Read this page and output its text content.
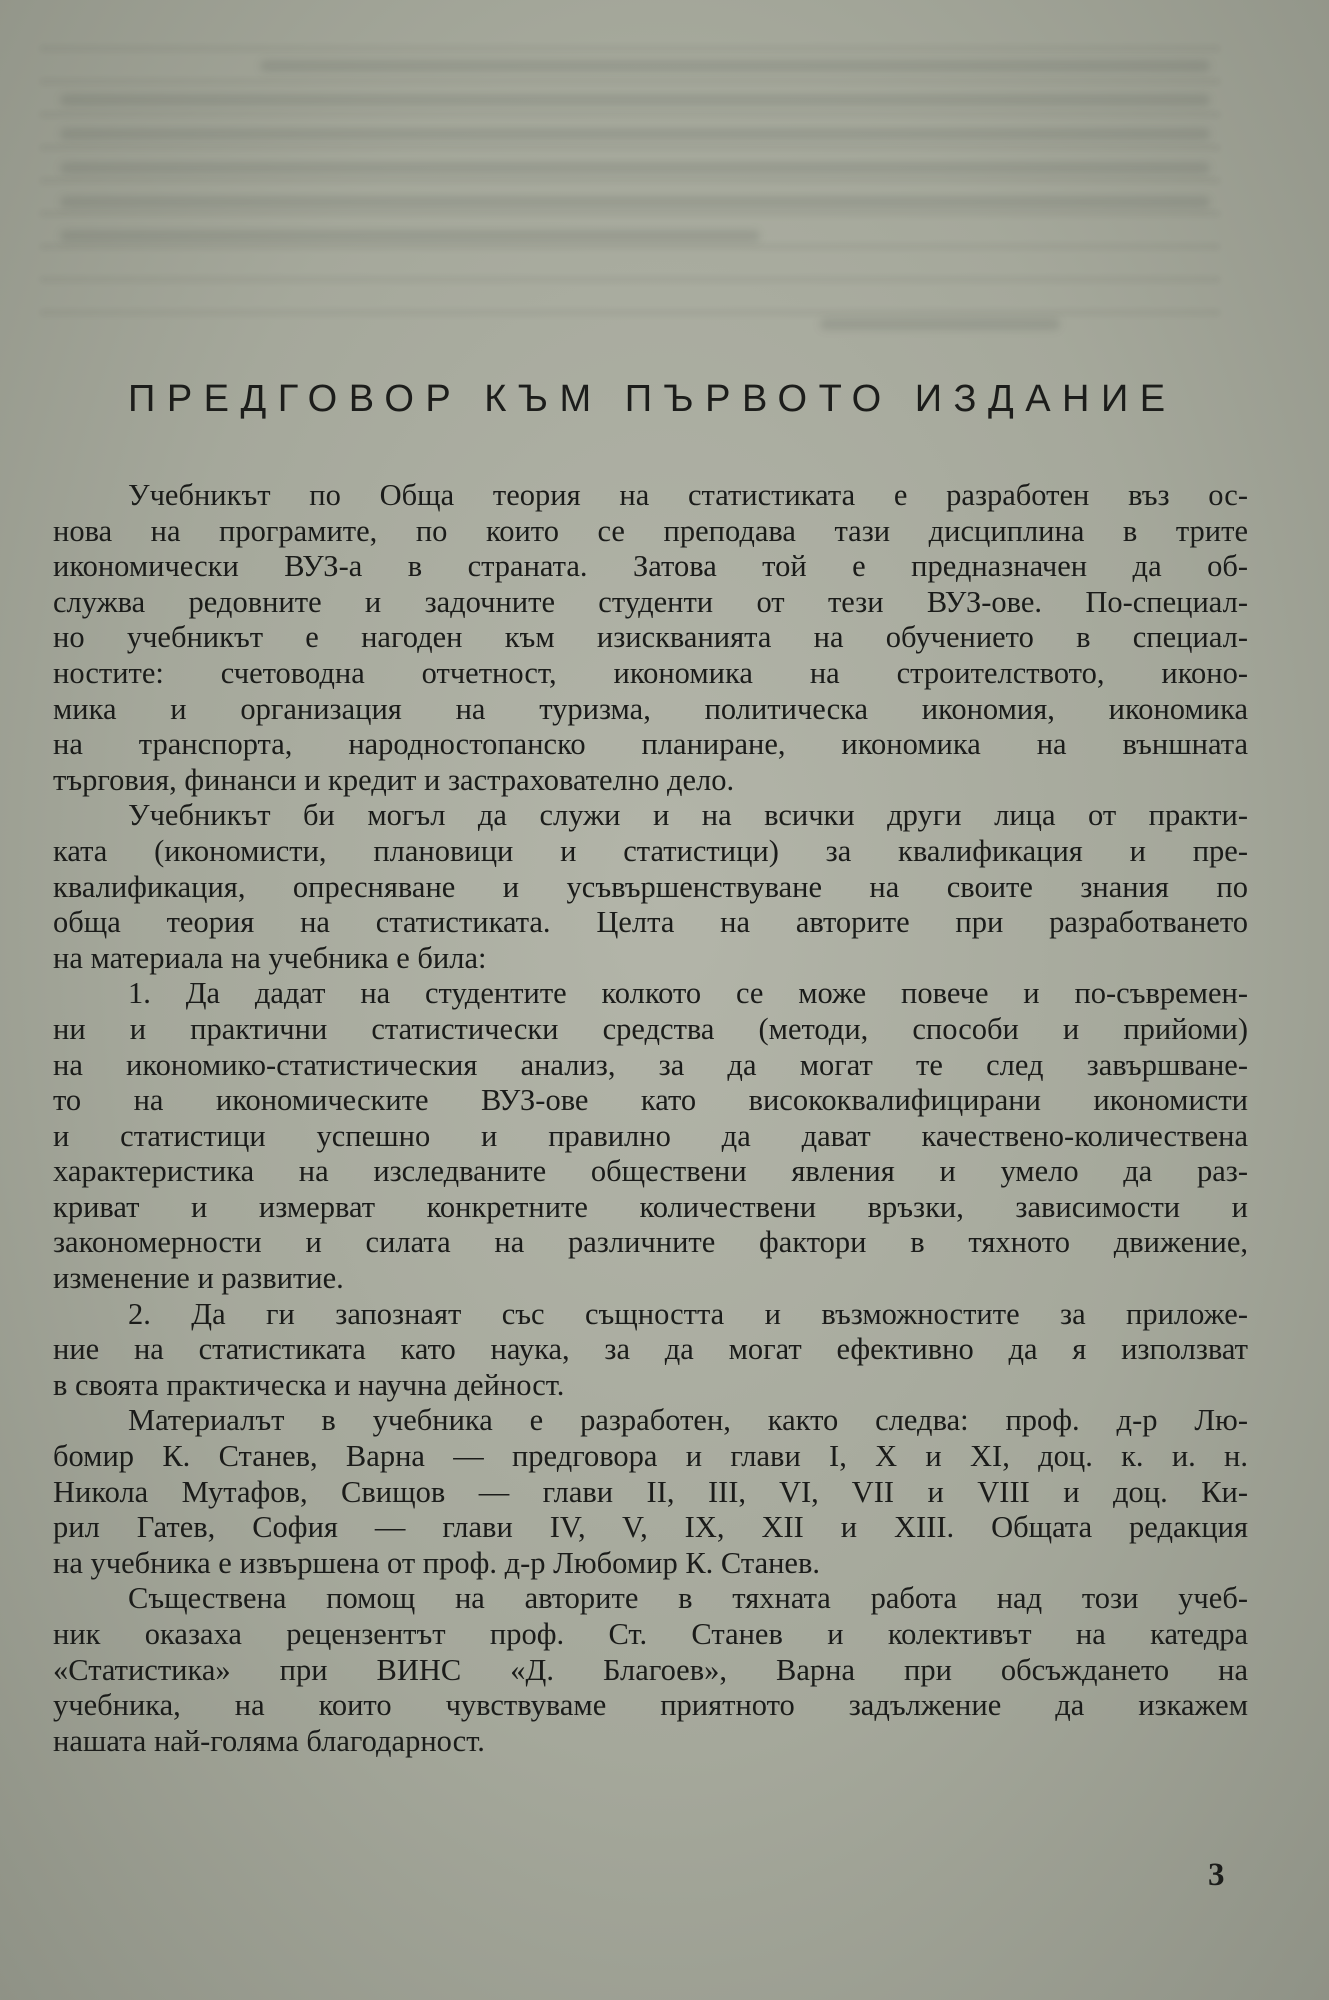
ПРЕДГОВОР КЪМ ПЪРВОТО ИЗДАНИЕ
Учебникът по Обща теория на статистиката е разработен въз ос-
нова на програмите, по които се преподава тази дисциплина в трите
икономически ВУЗ-а в страната. Затова той е предназначен да об-
служва редовните и задочните студенти от тези ВУЗ-ове. По-специал-
но учебникът е нагоден към изискванията на обучението в специал-
ностите: счетоводна отчетност, икономика на строителството, иконо-
мика и организация на туризма, политическа икономия, икономика
на транспорта, народностопанско планиране, икономика на външната
търговия, финанси и кредит и застрахователно дело.
Учебникът би могъл да служи и на всички други лица от практи-
ката (икономисти, плановици и статистици) за квалификация и пре-
квалификация, опресняване и усъвършенствуване на своите знания по
обща теория на статистиката. Целта на авторите при разработването
на материала на учебника е била:
1. Да дадат на студентите колкото се може повече и по-съвремен-
ни и практични статистически средства (методи, способи и прийоми)
на икономико-статистическия анализ, за да могат те след завършване-
то на икономическите ВУЗ-ове като висококвалифицирани икономисти
и статистици успешно и правилно да дават качествено-количествена
характеристика на изследваните обществени явления и умело да раз-
криват и измерват конкретните количествени връзки, зависимости и
закономерности и силата на различните фактори в тяхното движение,
изменение и развитие.
2. Да ги запознаят със същността и възможностите за приложе-
ние на статистиката като наука, за да могат ефективно да я използват
в своята практическа и научна дейност.
Материалът в учебника е разработен, както следва: проф. д-р Лю-
бомир К. Станев, Варна — предговора и глави I, X и XI, доц. к. и. н.
Никола Мутафов, Свищов — глави II, III, VI, VII и VIII и доц. Ки-
рил Гатев, София — глави IV, V, IX, XII и XIII. Общата редакция
на учебника е извършена от проф. д-р Любомир К. Станев.
Съществена помощ на авторите в тяхната работа над този учеб-
ник оказаха рецензентът проф. Ст. Станев и колективът на катедра
«Статистика» при ВИНС «Д. Благоев», Варна при обсъждането на
учебника, на които чувствуваме приятното задължение да изкажем
нашата най-голяма благодарност.
3
